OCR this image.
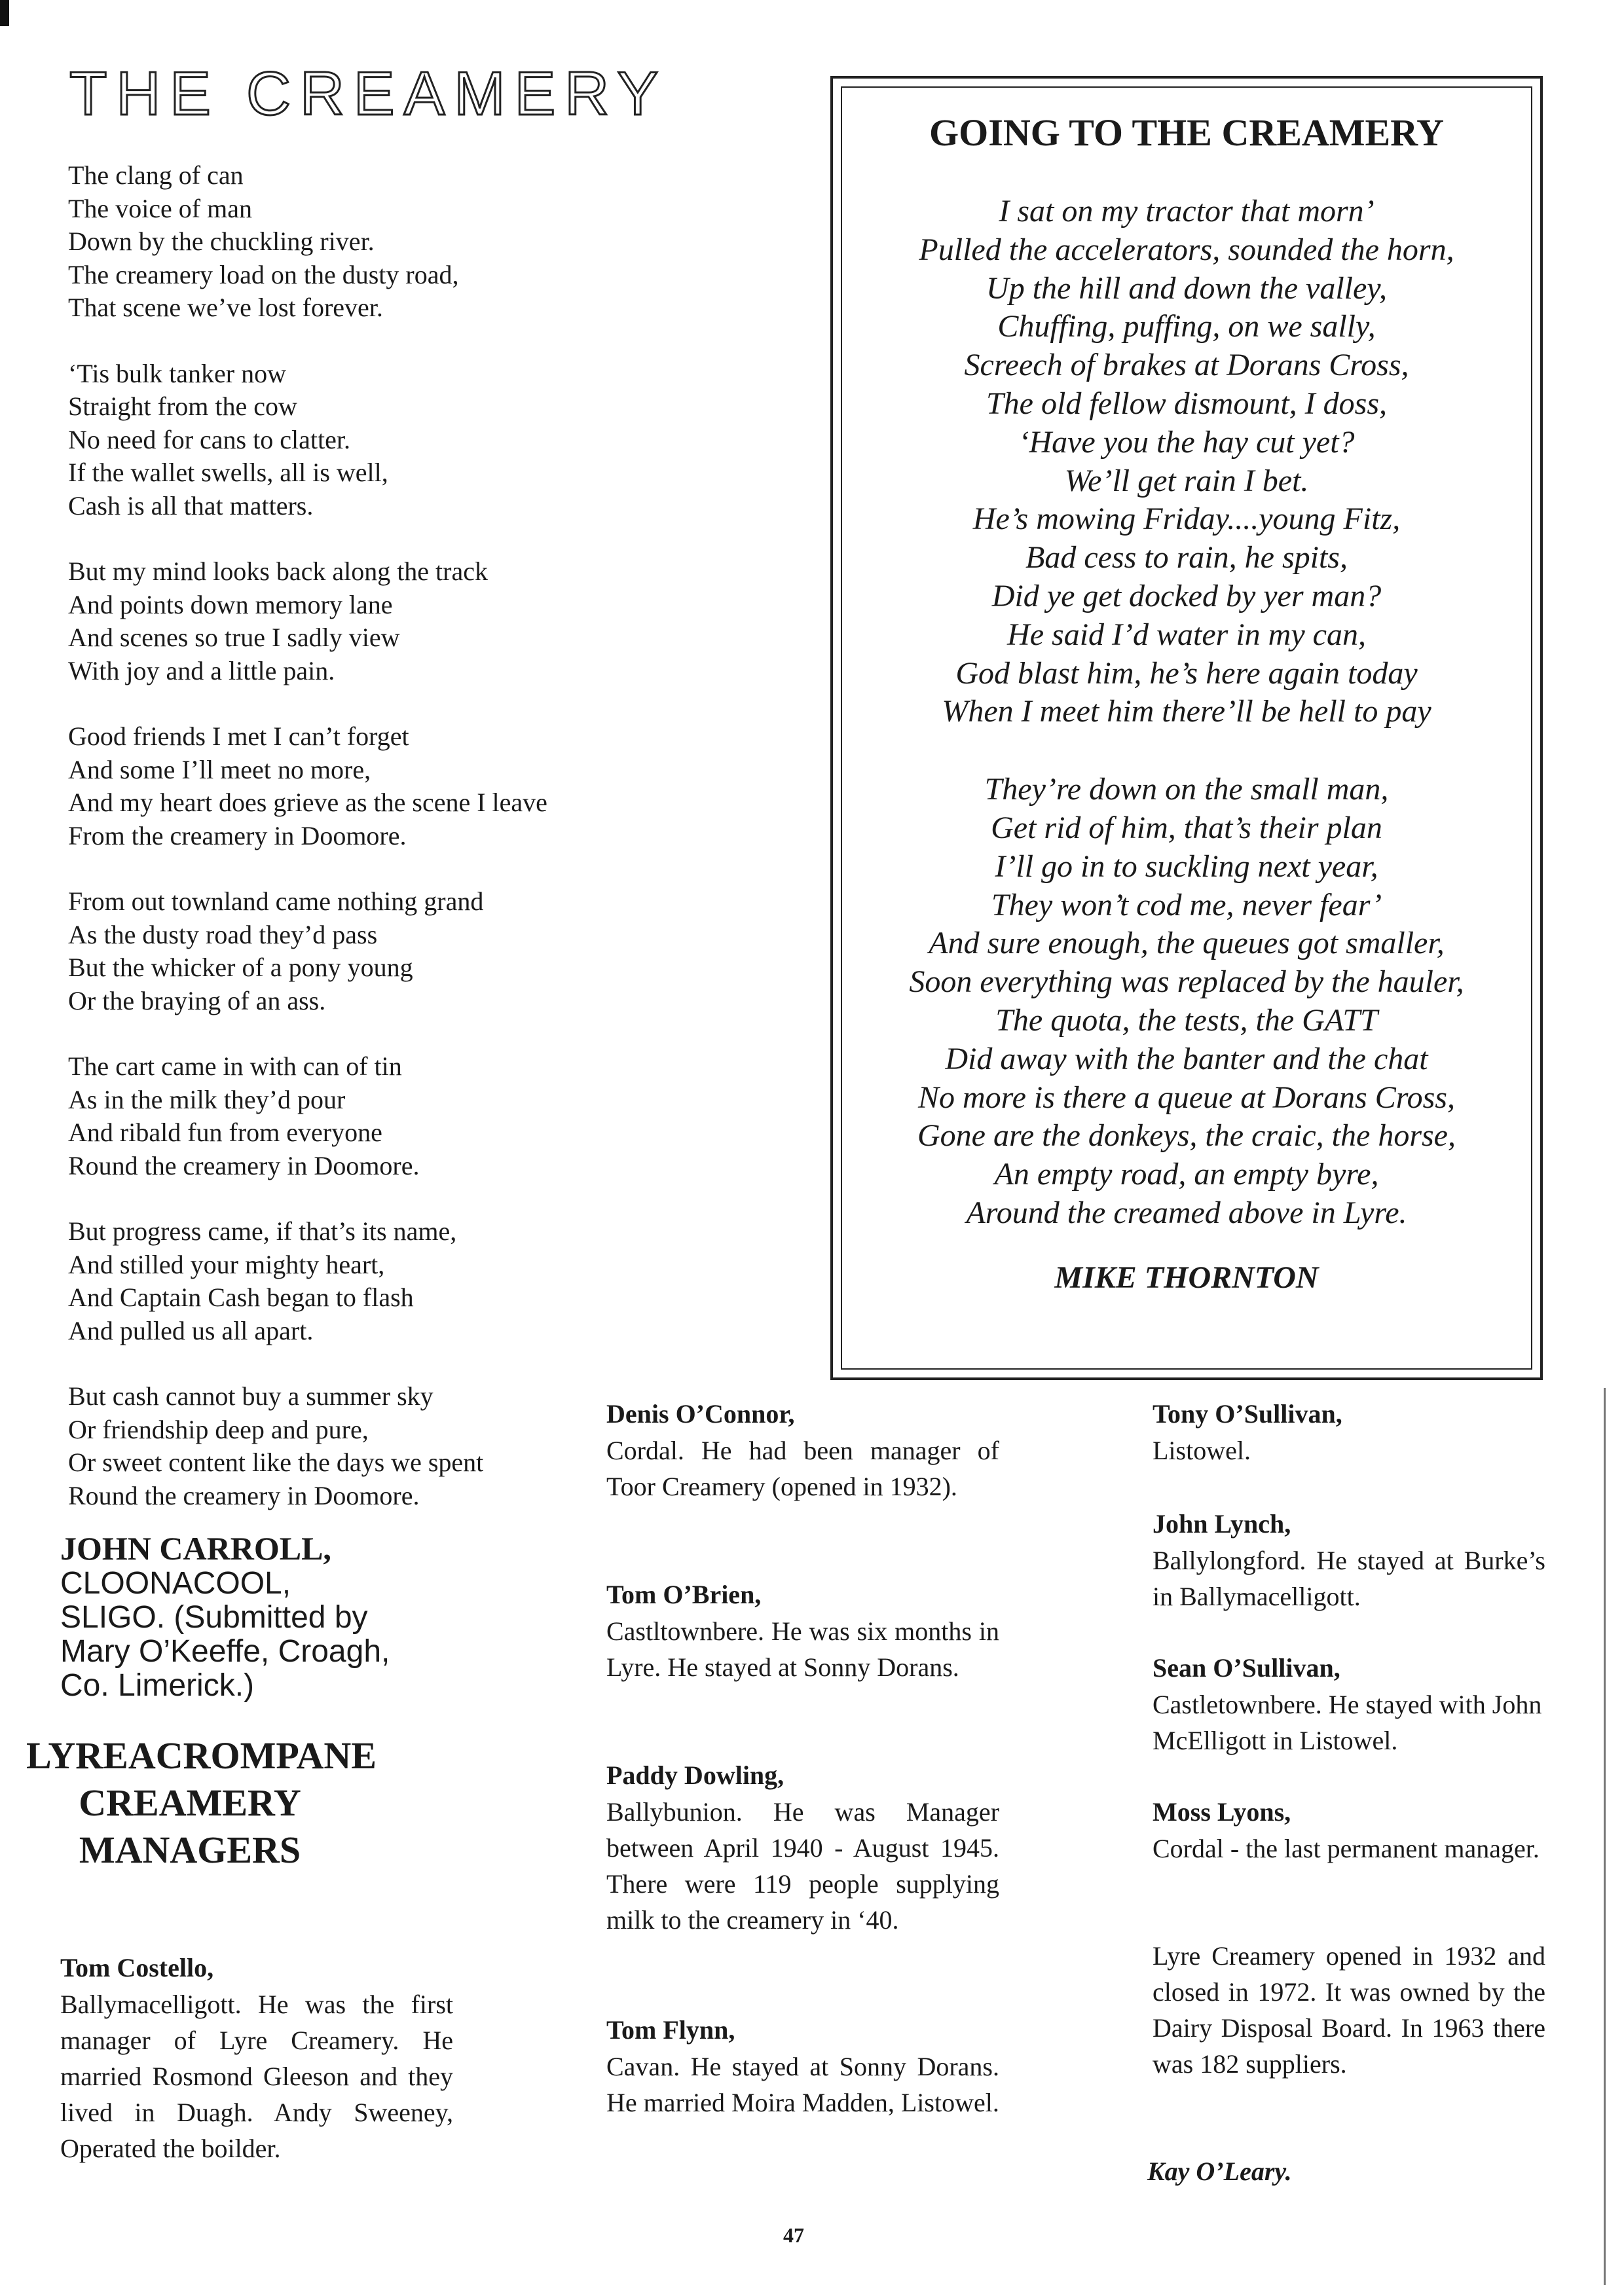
THE CREAMERY
The clang of can
The voice of man
Down by the chuckling river.
The creamery load on the dusty road,
That scene we’ve lost forever.
‘Tis bulk tanker now
Straight from the cow
No need for cans to clatter.
If the wallet swells, all is well,
Cash is all that matters.
But my mind looks back along the track
And points down memory lane
And scenes so true I sadly view
With joy and a little pain.
Good friends I met I can’t forget
And some I’ll meet no more,
And my heart does grieve as the scene I leave
From the creamery in Doomore.
From out townland came nothing grand
As the dusty road they’d pass
But the whicker of a pony young
Or the braying of an ass.
The cart came in with can of tin
As in the milk they’d pour
And ribald fun from everyone
Round the creamery in Doomore.
But progress came, if that’s its name,
And stilled your mighty heart,
And Captain Cash began to flash
And pulled us all apart.
But cash cannot buy a summer sky
Or friendship deep and pure,
Or sweet content like the days we spent
Round the creamery in Doomore.
JOHN CARROLL,
CLOONACOOL,
SLIGO. (Submitted by
Mary O’Keeffe, Croagh,
Co. Limerick.)
LYREACROMPANE
CREAMERY
MANAGERS
GOING TO THE CREAMERY
I sat on my tractor that morn’
Pulled the accelerators, sounded the horn,
Up the hill and down the valley,
Chuffing, puffing, on we sally,
Screech of brakes at Dorans Cross,
The old fellow dismount, I doss,
‘Have you the hay cut yet?
We’ll get rain I bet.
He’s mowing Friday....young Fitz,
Bad cess to rain, he spits,
Did ye get docked by yer man?
He said I’d water in my can,
God blast him, he’s here again today
When I meet him there’ll be hell to pay
They’re down on the small man,
Get rid of him, that’s their plan
I’ll go in to suckling next year,
They won’t cod me, never fear’
And sure enough, the queues got smaller,
Soon everything was replaced by the hauler,
The quota, the tests, the GATT
Did away with the banter and the chat
No more is there a queue at Dorans Cross,
Gone are the donkeys, the craic, the horse,
An empty road, an empty byre,
Around the creamed above in Lyre.
MIKE THORNTON
Tom Costello,
Ballymacelligott. He was the first manager of Lyre Creamery. He married Rosmond Gleeson and they lived in Duagh. Andy Sweeney, Operated the boilder.
Denis O’Connor,
Cordal. He had been manager of Toor Creamery (opened in 1932).
Tom O’Brien,
Castltownbere. He was six months in Lyre. He stayed at Sonny Dorans.
Paddy Dowling,
Ballybunion. He was Manager between April 1940 - August 1945. There were 119 people supplying milk to the creamery in ‘40.
Tom Flynn,
Cavan. He stayed at Sonny Dorans. He married Moira Madden, Listowel.
Tony O’Sullivan,
Listowel.
John Lynch,
Ballylongford. He stayed at Burke’s in Ballymacelligott.
Sean O’Sullivan,
Castletownbere. He stayed with John McElligott in Listowel.
Moss Lyons,
Cordal - the last permanent manager.
Lyre Creamery opened in 1932 and closed in 1972. It was owned by the Dairy Disposal Board. In 1963 there was 182 suppliers.
Kay O’Leary.
47
